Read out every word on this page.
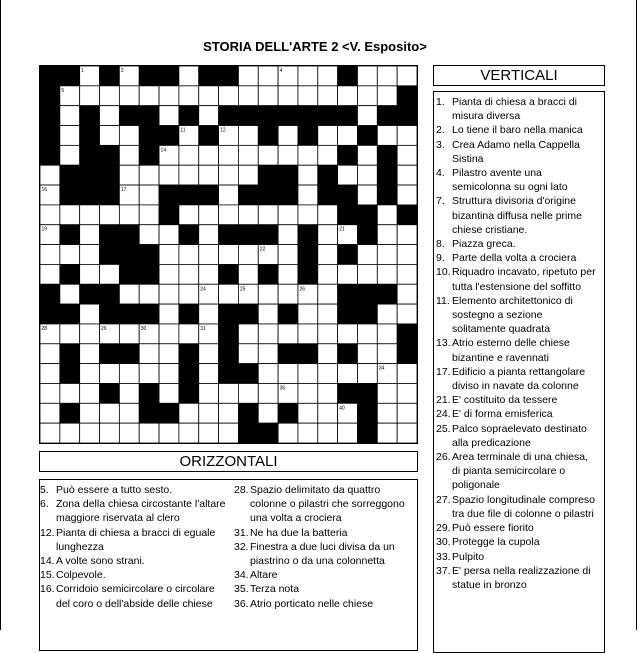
STORIA DELL'ARTE 2 <V. Esposito>
1	2	3	4
5
6	7	8	9	10
11	12
13	14
15
16	17
18
19	20	21
22
23
24	25	26
27
28	29	30	31
32
33	34
35	36	37
38	39	40
VERTICALI
1. Pianta di chiesa a bracci di misura diversa
2. Lo tiene il baro nella manica
3. Crea Adamo nella Cappella Sistina
4. Pilastro avente una semicolonna su ogni lato
7. Struttura divisoria d'origine bizantina diffusa nelle prime chiese cristiane.
8. Piazza greca.
9. Parte della volta a crociera
10. Riquadro incavato, ripetuto per tutta l'estensione del soffitto
11. Elemento architettonico di sostegno a sezione solitamente quadrata
13. Atrio esterno delle chiese bizantine e ravennati
17. Edificio a pianta rettangolare diviso in navate da colonne
21. E' costituito da tessere
24. E' di forma emisferica
25. Palco sopraelevato destinato alla predicazione
26. Area terminale di una chiesa, di pianta semicircolare o poligonale
27. Spazio longitudinale compreso tra due file di colonne o pilastri
29. Può essere fiorito
30. Protegge la cupola
33. Pulpito
37. E' persa nella realizzazione di statue in bronzo
ORIZZONTALI
5. Può essere a tutto sesto.
6. Zona della chiesa circostante l'altare maggiore riservata al clero
12. Pianta di chiesa a bracci di eguale lunghezza
14. A volte sono strani.
15. Colpevole.
16. Corridoio semicircolare o circolare del coro o dell'abside delle chiese
28. Spazio delimitato da quattro colonne o pilastri che sorreggono una volta a crociera
31. Ne ha due la batteria
32. Finestra a due luci divisa da un piastrino o da una colonnetta
34. Altare
35. Terza nota
36. Atrio porticato nelle chiese
